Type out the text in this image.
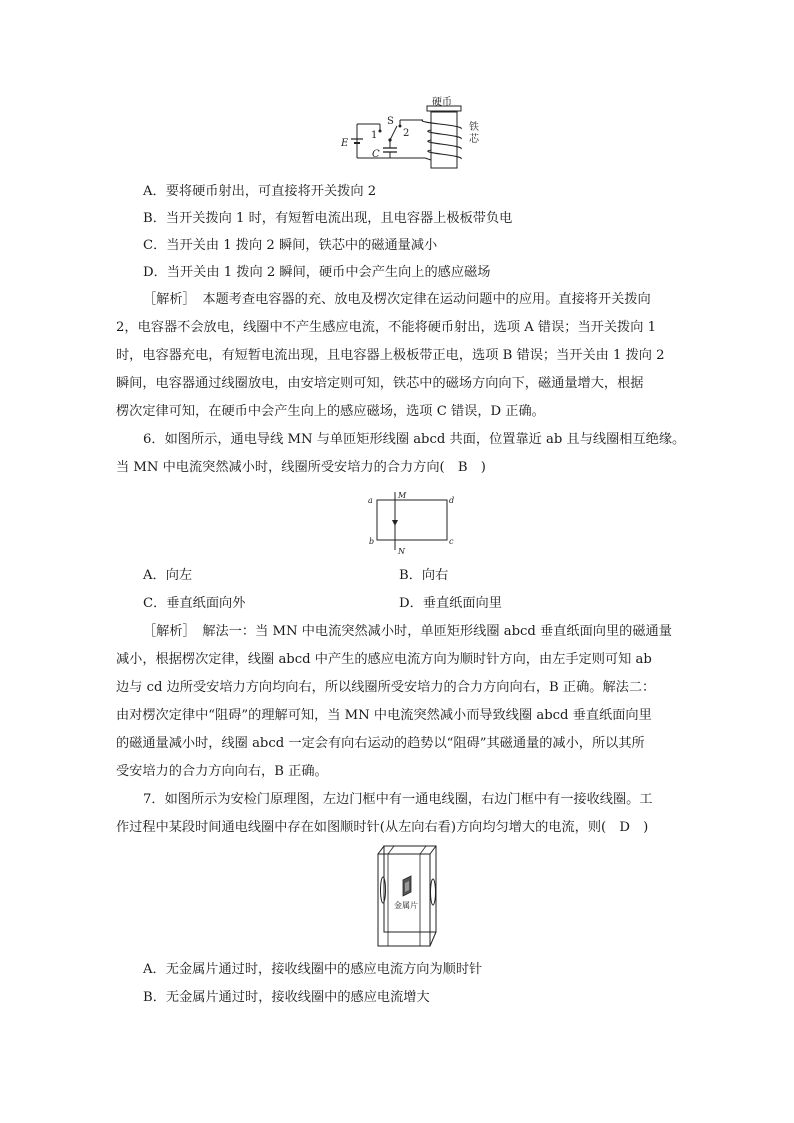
硬币
S
1	2
E
C
铁
芯
A．要将硬币射出，可直接将开关拨向 2
B．当开关拨向 1 时，有短暂电流出现，且电容器上极板带负电
C．当开关由 1 拨向 2 瞬间，铁芯中的磁通量减小
D．当开关由 1 拨向 2 瞬间，硬币中会产生向上的感应磁场
［解析］　本题考查电容器的充、放电及楞次定律在运动问题中的应用。直接将开关拨向
2，电容器不会放电，线圈中不产生感应电流，不能将硬币射出，选项 A 错误；当开关拨向 1
时，电容器充电，有短暂电流出现，且电容器上极板带正电，选项 B 错误；当开关由 1 拨向 2
瞬间，电容器通过线圈放电，由安培定则可知，铁芯中的磁场方向向下，磁通量增大，根据
楞次定律可知，在硬币中会产生向上的感应磁场，选项 C 错误，D 正确。
6．如图所示，通电导线 MN 与单匝矩形线圈 abcd 共面，位置靠近 ab 且与线圈相互绝缘。
当 MN 中电流突然减小时，线圈所受安培力的合力方向(　B　)
a
b	c
d
M
N
A．向左	B．向右
C．垂直纸面向外	D．垂直纸面向里
［解析］　解法一：当 MN 中电流突然减小时，单匝矩形线圈 abcd 垂直纸面向里的磁通量
减小，根据楞次定律，线圈 abcd 中产生的感应电流方向为顺时针方向，由左手定则可知 ab
边与 cd 边所受安培力方向均向右，所以线圈所受安培力的合力方向向右，B 正确。解法二：
由对楞次定律中“阻碍”的理解可知，当 MN 中电流突然减小而导致线圈 abcd 垂直纸面向里
的磁通量减小时，线圈 abcd 一定会有向右运动的趋势以“阻碍”其磁通量的减小，所以其所
受安培力的合力方向向右，B 正确。
7．如图所示为安检门原理图，左边门框中有一通电线圈，右边门框中有一接收线圈。工
作过程中某段时间通电线圈中存在如图顺时针(从左向右看)方向均匀增大的电流，则(　D　)
金属片
A．无金属片通过时，接收线圈中的感应电流方向为顺时针
B．无金属片通过时，接收线圈中的感应电流增大
